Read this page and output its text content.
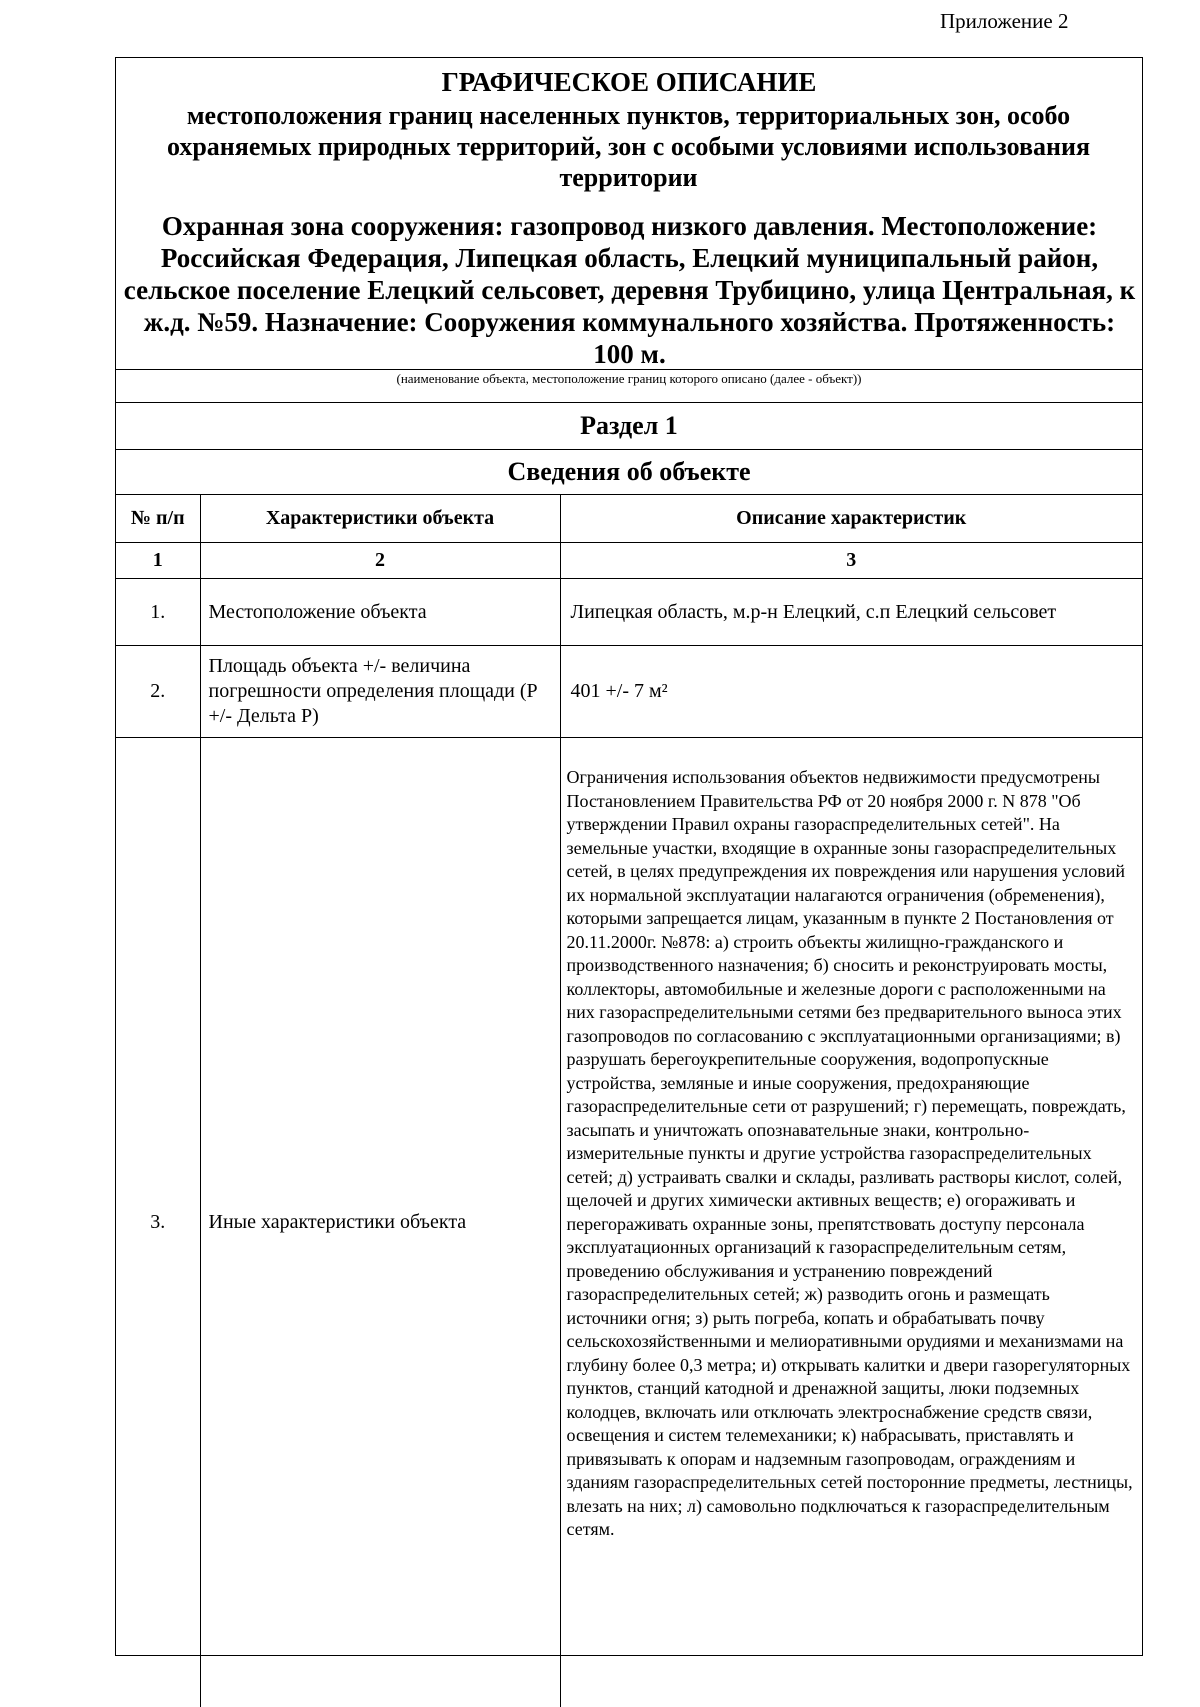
Приложение 2
ГРАФИЧЕСКОЕ ОПИСАНИЕ
местоположения границ населенных пунктов, территориальных зон, особо охраняемых природных территорий, зон с особыми условиями использования территории
Охранная зона сооружения: газопровод низкого давления. Местоположение: Российская Федерация, Липецкая область, Елецкий муниципальный район, сельское поселение Елецкий сельсовет, деревня Трубицино, улица Центральная, к ж.д. №59. Назначение: Сооружения коммунального хозяйства. Протяженность: 100 м.
(наименование объекта, местоположение границ которого описано (далее - объект))
Раздел 1
Сведения об объекте
№ п/п	Характеристики объекта	Описание характеристик
1	2	3
1.	Местоположение объекта	Липецкая область, м.р-н Елецкий, с.п Елецкий сельсовет
2.	Площадь объекта +/- величина погрешности определения площади (Р +/- Дельта Р)	401 +/- 7 м²
3.	Иные характеристики объекта	Ограничения использования объектов недвижимости предусмотрены Постановлением Правительства РФ от 20 ноября 2000 г. N 878 "Об утверждении Правил охраны газораспределительных сетей". На земельные участки, входящие в охранные зоны газораспределительных сетей, в целях предупреждения их повреждения или нарушения условий их нормальной эксплуатации налагаются ограничения (обременения), которыми запрещается лицам, указанным в пункте 2 Постановления от 20.11.2000г. №878: а) строить объекты жилищно-гражданского и производственного назначения; б) сносить и реконструировать мосты, коллекторы, автомобильные и железные дороги с расположенными на них газораспределительными сетями без предварительного выноса этих газопроводов по согласованию с эксплуатационными организациями; в) разрушать берегоукрепительные сооружения, водопропускные устройства, земляные и иные сооружения, предохраняющие газораспределительные сети от разрушений; г) перемещать, повреждать, засыпать и уничтожать опознавательные знаки, контрольно-измерительные пункты и другие устройства газораспределительных сетей; д) устраивать свалки и склады, разливать растворы кислот, солей, щелочей и других химически активных веществ; е) огораживать и перегораживать охранные зоны, препятствовать доступу персонала эксплуатационных организаций к газораспределительным сетям, проведению обслуживания и устранению повреждений газораспределительных сетей; ж) разводить огонь и размещать источники огня; з) рыть погреба, копать и обрабатывать почву сельскохозяйственными и мелиоративными орудиями и механизмами на глубину более 0,3 метра; и) открывать калитки и двери газорегуляторных пунктов, станций катодной и дренажной защиты, люки подземных колодцев, включать или отключать электроснабжение средств связи, освещения и систем телемеханики; к) набрасывать, приставлять и привязывать к опорам и надземным газопроводам, ограждениям и зданиям газораспределительных сетей посторонние предметы, лестницы, влезать на них; л) самовольно подключаться к газораспределительным сетям.
